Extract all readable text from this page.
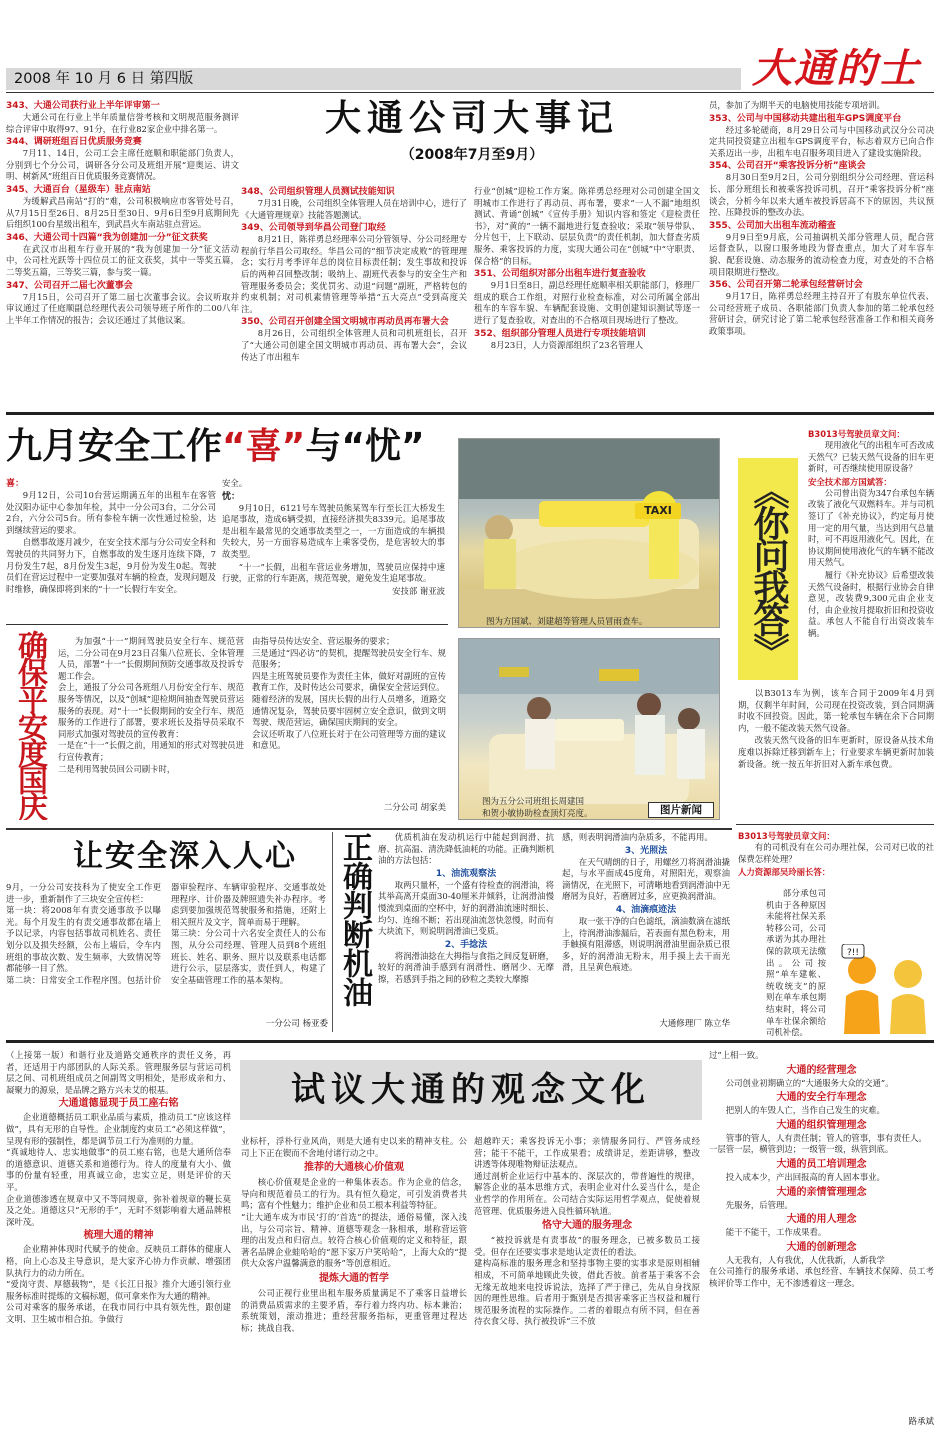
2008 年 10 月 6 日 第四版	大通的士
大通公司大事记
（2008年7月至9月）
343、大通公司获行业上半年评审第一

大通公司在行业上半年质量信誉考核和文明规范服务测评综合评审中取得97、91分，在行业82家企业中排名第一。

344、调研班组百日优质服务竞赛

7月11、14日，公司工会主席任庭顺和职能部门负责人，分别到七个分公司，调研各分公司及班组开展“迎奥运、讲文明、树新风”班组百日优质服务竞赛情况。

345、大通百台（星级车）驻点南站

为缓解武昌南站“打的”难，公司积极响应市客管处号召，从7月15日至26日、8月25日至30日、9月6日至9月底期间先后组织100台星级出租车，到武昌火车南站驻点营运。

346、大通公司十四篇“我为创建加一分”征文获奖

在武汉市出租车行业开展的“我为创建加一分”征文活动中，公司杜光跃等十四位员工的征文获奖，其中一等奖五篇，二等奖五篇，三等奖三篇，参与奖一篇。

347、公司召开二届七次董事会

7月15日，公司召开了第二届七次董事会议。会议听取并审议通过了任庭顺副总经理代表公司领导班子所作的二00八年上半年工作情况的报告；会议还通过了其他议案。

348、公司组织管理人员测试技能知识

7月31日晚，公司组织全体管理人员在培训中心，进行了《大通管理规章》技能答题测试。

349、公司领导到华昌公司登门取经

8月21日，陈祥勇总经理率公司分管领导、分公司经理专程前行华昌公司取经。华昌公司的“细节决定成败”的管理理念；实行月考季评年总的岗位目标责任制；发生事故和投诉后的两种召回整改制；吸纳上、副班代表参与的安全生产和管理服务委员会；奖优罚劣、动退“问题”副班，严格转包的约束机制；对司机素情管理等举措“五大亮点”受到高度关注。

350、公司召开创建全国文明城市再动员再布署大会

8月26日，公司组织全体管理人员和司机班组长，召开了“大通公司创建全国文明城市再动员、再布署大会”，会议传达了市出租车

行业“创城”迎检工作方案。陈祥勇总经理对公司创建全国文明城市工作进行了再动员、再布署，要求“一人不漏”地组织测试、背诵“创城”《宣传手册》知识内容和签定《迎检责任书》，对“黄的”一辆不漏地进行复查验收；采取“领导带队、分片包干，上下联动、层层负责”的责任机制，加大督查劣质服务、乘客投诉的力度，实现大通公司在“创城”中“守职责、保合格”的目标。

351、公司组织对部分出租车进行复查验收

9月1日至8日，副总经理任庭顺率相关职能部门，修理厂组成的联合工作组，对照行业检查标准，对公司所属全部出租车的车容车貌、车辆配套设施、文明创建知识测试等逐一进行了复查验收，对查出的不合格项目现场进行了整改。

352、组织部分管理人员进行专项技能培训

8月23日，人力资源部组织了23名管理人

员，参加了为期半天的电脑使用技能专项培训。

353、公司与中国移动共建出租车GPS调度平台

经过多轮磋商，8月29日公司与中国移动武汉分公司决定共同投资建立出租车GPS调度平台，标志着双方已向合作关系迈出一步，出租车电召服务项目进入了建设实施阶段。

354、公司召开“乘客投诉分析”座谈会

8月30日至9月2日，公司分别组织分公司经理、营运科长、部分班组长和被乘客投诉司机，召开“乘客投诉分析”座谈会，分析今年以来大通车被投诉居高不下的原因，共议预控、压降投诉的整改办法。

355、公司加大出租车流动稽查

9月9日至9月底，公司抽调机关部分管理人员，配合营运督查队，以窗口服务地段为督查重点，加大了对车容车貌、配套设施、动态服务的流动检查力度，对查处的不合格项目限期进行整改。

356、公司召开第二轮承包经营研讨会

9月17日，陈祥勇总经理主持召开了有股东单位代表、公司经营班子成员、各职能部门负责人参加的第二轮承包经营研讨会，研究讨论了第二轮承包经营准备工作和相关商务政策事项。

九月安全工作“喜”与“忧”
喜：

9月12日，公司10台营运期满五年的出租车在客管处汉阳办证中心参加年检，其中一分公司3台，二分公司2台，六分公司5台。所有参检车辆一次性通过检验，达到继续营运的要求。

自燃事故逐月减少，在安全技术部与分公司安全科和驾驶员的共同努力下，自燃事故的发生逐月连续下降，7月份发生7起，8月份发生3起，9月份为发生0起。驾驶员们在营运过程中一定要加强对车辆的检查，发现问题及时维修，确保即将到来的“十一”长假行车安全。

安全。

忧：

9月10日，6121号车驾驶员熊某驾车行至长江大桥发生追尾事故，造成6辆受损，直接经济损失8339元。追尾事故是出租车最常见的交通事故类型之一，一方面造成的车辆损失较大，另一方面容易造成车上乘客受伤，是危害较大的事故类型。

“十一”长假，出租车营运业务增加，驾驶员应保持中速行驶，正常的行车距离，规范驾驶，避免发生追尾事故。

安技部 谢亚波
确保平安度国庆	为加强“十一”期间驾驶员安全行车、规范营运，二分公司在9月23日召集八位班长、全体管理人员，部署“十一”长假期间预防交通事故及投诉专题工作会。
会上，通报了分公司各班组八月份安全行车、规范服务等情况，以及“创城”迎检期间抽查驾驶员营运服务的表现。对“十一”长假期间的安全行车、规范服务的工作进行了部署，要求班长及指导员采取不同形式加强对驾驶员的宣传教育：
一是在“十一”长假之前，用通知的形式对驾驶员进行宣传教育；
二是利用驾驶员回公司刷卡时，
由指导员传达安全、营运服务的要求；
三是通过“四必访”的契机，提醒驾驶员安全行车、规范服务；
四是主班驾驶员要作为责任主体，做好对副班的宣传教育工作，及时传达公司要求，确保安全营运到位。
随着经济的发展，国庆长假的出行人员增多，道路交通情况复杂，驾驶员要牢固树立安全意识，做到文明驾驶、规范营运，确保国庆期间的安全。
会议还听取了八位班长对于在公司管理等方面的建议和意见。
二分公司 胡家美
TAXI
图为方国斌、刘建超等管理人员冒雨查车。
图为五分公司班组长周建国
和贺小敏协助检查顶灯亮度。	图片新闻
《你问我答》
B3013号驾驶员章文问：

现用液化气的出租车可否改成天然气？已装天然气设备的旧车更新时，可否继续使用原设备？

安全技术部方国斌答：

公司曾出资为347台承包车辆改装了液化气双燃料车。并与司机签订了《补充协议》，约定每月使用一定的用气量，当达到用气总量时，可不再返用液化气。因此，在协议期间使用液化气的车辆不能改用天然气。

履行《补充协议》后希望改装天然气设备时，根据行业协会自律意见，改装费9,300元由企业支付，由企业按月提取折旧和投资收益。承包人不能自行出资改装车辆。

以B3013车为例，该车合同于2009年4月到期，仅剩半年时间，公司现在投资改装，到合同期满时收不回投资。因此，第一轮承包车辆在余下合同期内，一般不能改装天然气设备。

改装天然气设备的旧车更新时，原设备从技术角度难以拆除迁移到新车上；行业要求车辆更新时加装新设备。统一按五年折旧对入新车承包费。

B3013号驾驶员章文问：

有的司机没有在公司办理社保，公司对已收的社保费怎样处理？

人力资源部吴玲丽长答：

部分承包司机由于各种原因未能将社保关系转移公司，公司承诺为其办理社保的款项无法缴出。公司按照“单车建帐、统收统支”的原则在单车承包期结束时，将公司单车社保余额给司机补偿。

?!!
让安全深入人心
9月，一分公司安技科为了使安全工作更进一步，重新制作了三块安全宣传栏：
第一块：将2008年有责交通事故予以曝光。每个月发生的有责交通事故都在墙上予以记录，内容包括事故司机姓名、责任划分以及损失经额，公布上墙后，令车内班组的事故次数、发生频率，大致情况等都能够一目了然。
第二块：日常安全工作程序图。包括计价器审验程序、车辆审验程序、交通事故处理程序、计价器及牌照遗失补办程序。考虑到要加强规范驾驶服务和措施，还附上相关照片及文字，简单而易于理解。
第三块：分公司十六名安全责任人的公布图，从分公司经理、管理人员到8个班组班长、姓名、职务、照片以及联系电话都进行公示，层层落实，责任到人，构建了安全基础管理工作的基本架构。
一分公司 杨亚委
正确判断机油	优质机油在发动机运行中能起到润滑、抗磨、抗高温、清洗降低油耗的功能。正确判断机油的方法包括：

1、油流观察法

取两只量杯，一个盛有待检查的润滑油，将其举高离开桌面30-40厘米并倾斜，让润滑油慢慢流到桌面的空杯中，好的润滑油流速时细长、均匀、连绵不断；若出现油流忽快忽慢，时而有大块流下，则说明润滑油已变质。

2、手捻法

将润滑油捻在大拇指与食指之间反复研磨，较好的润滑油手感到有润滑性、磨屑少、无摩擦，若感到手指之间的砂粒之类较大摩擦

感，则表明润滑油内杂质多，不能再用。

3、光照法

在天气晴朗的日子，用螺丝刀将润滑油撬起，与水平面成45度角，对照阳光，观察油滴情况，在光照下，可清晰地看到润滑油中无磨屑为良好，若磨屑过多，应更换润滑油。

4、油滴痕迹法

取一张干净的白色滤纸，滴油数滴在滤纸上，待润滑油渗漏后，若表面有黑色粉末，用手触摸有阻滞感，则说明润滑油里面杂质已很多，好的润滑油无粉末，用手摸上去干而光滑，且呈黄色痕迹。

大通修理厂 陈立华
试议大通的观念文化

（上接第一版）和谐行业及道路交通秩序的责任义务，再者，还适用于内部团队的人际关系。管理服务层与营运司机层之间、司机班组成员之间副驾文明相处，是形成亲和力、凝聚力的源泉，是品牌之路方兴未艾的根基。

大通道德显现于员工座右铭

企业道德概括员工职业品质与素质，推动员工“应该这样做”，具有无形的自导性。企业制度约束员工“必须这样做”，呈现有形的强制性，都是调节员工行为准则的力量。
“真诚地待人、忠实地做事”的员工座右铭，也是大通所信奉的道德意识、道德关系和道德行为。待人的度量有大小、做事的份量有轻重，用真诚立命，忠实立足，则是评价的天平。
企业道德渗透在规章中又不等同规章，弥补着规章的鞭长莫及之处。道德这只“无形的手”，无时不刻影响着大通品牌根深叶茂。

梳理大通的精神

企业精神体现时代赋予的使命。反映员工群体的健康人格，向上心态及主导意识，是大家齐心协力作贡献、增强团队执行力的动力所在。
“爱岗守责、厚德载物”，是《长江日报》推介大通引领行业服务标准时提炼的文稿标题，似可拿来作为大通的精神。
公司对乘客的服务承诺，在我市同行中具有领先性，跟创建文明、卫生城市相合拍。争做行

业标杆，浮朴行业风尚，则是大通有史以来的精神支柱。公司上下正在锲而不舍地付诸行动之中。

推荐的大通核心价值观

核心价值观是企业的一种集体表态。作为企业的信念，导向和规范着员工的行为。具有恒久稳定，可引发消费者共鸣；富有个性魅力；维护企业和员工根本利益等特征。
“让大通车成为市民‘打的’首选”的提法，通俗易懂，深入浅出，与公司宗旨、精神、道德等观念一脉相承，堪称营运管理的出发点和归宿点。较符合核心价值观的定义和特征，跟著名品牌企业蛙哈哈的“愿下家万户笑哈哈”，上海大众的“提供大众客户温馨满意的服务”等创意相近。

提炼大通的哲学

公司正视行业里出租车服务质量满足不了乘客日益增长的消费品质需求的主要矛盾，奉行着力终内功、标本兼治；系统策划，滚动推进；重经营服务指标，更重管理过程达标；挑战自我、

超越昨天；乘客投诉无小事；亲情服务同行、严管务成经营；能干不能干，工作成果看；成绩讲足，差距讲够，整改讲透等体现唯物辩证法观点。
通过剖析企业运行中基本的、深层次的，带普遍性的规律，解答企业的基本思维方式，表明企业对什么妥当什么，是企业哲学的作用所在。公司结合实际运用哲学观点，促使着规范管理、优质服务进入良性循环轨道。

恪守大通的服务理念

“被投诉就是有责事故”的服务理念，已被多数员工接受。但存在还要实事求是地认定责任的看法。
建构高标准的服务理念和坚持事物主要的实事求是原则相辅相成，不可简单地顾此失彼，借此否彼。前者基于乘客不会无缘无故地来电投诉说法，选择了严于律己，先从自身找原因的理性思维。后者用于甄别是否损害乘客正当权益和履行规范服务流程的实际操作。二者的着眼点有所不同，但在善待衣食父母、执行被投诉“三不放

过”上相一致。

大通的经营理念

公司创业初期确立的“大通服务大众的交通”。

大通的安全行车理念

把别人的车毁人亡，当作自己发生的灾难。

大通的组织管理理念

管事的管人，人有责任制；管人的管事，事有责任人。
一层管一层，横管到边；一级管一级，纵管到底。

大通的员工培训理念

投入成本少，产出回报高的育人固本事业。

大通的亲情管理理念

先服务，后管理。

大通的用人理念

能干不能干，工作成果看。

大通的创新理念

人无我有，人有我优，人优我新，人新我学
在公司推行的服务承诺、承包经营、车辆技术保障、员工考核评价等工作中，无不渗透着这一理念。

路承斌
